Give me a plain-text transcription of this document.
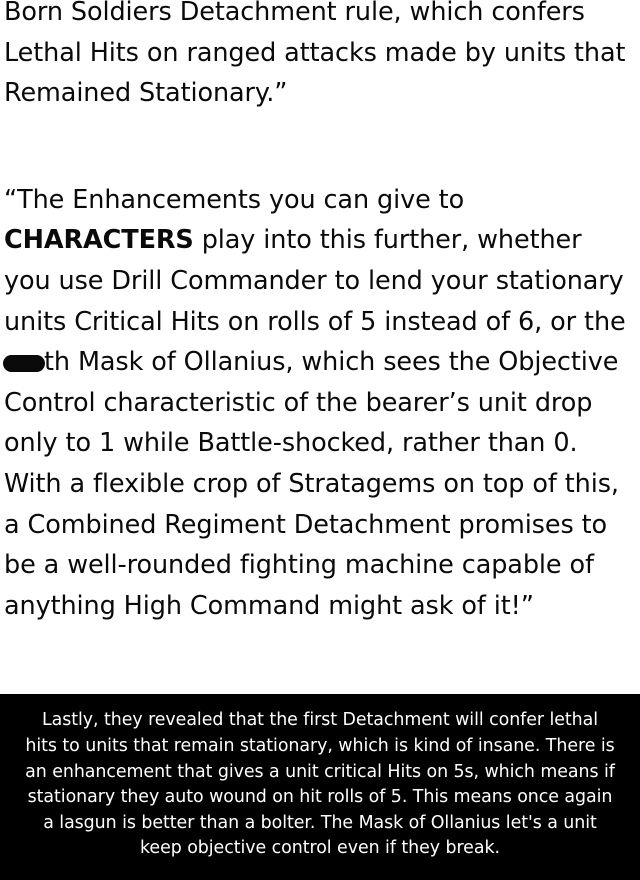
Born Soldiers Detachment rule, which confers Lethal Hits on ranged attacks made by units that Remained Stationary.”

“The Enhancements you can give to CHARACTERS play into this further, whether you use Drill Commander to lend your stationary units Critical Hits on rolls of 5 instead of 6, or the th Mask of Ollanius, which sees the Objective Control characteristic of the bearer’s unit drop only to 1 while Battle-shocked, rather than 0. With a flexible crop of Stratagems on top of this, a Combined Regiment Detachment promises to be a well-rounded fighting machine capable of anything High Command might ask of it!”

Lastly, they revealed that the first Detachment will confer lethal hits to units that remain stationary, which is kind of insane. There is an enhancement that gives a unit critical Hits on 5s, which means if stationary they auto wound on hit rolls of 5. This means once again a lasgun is better than a bolter. The Mask of Ollanius let's a unit keep objective control even if they break.
